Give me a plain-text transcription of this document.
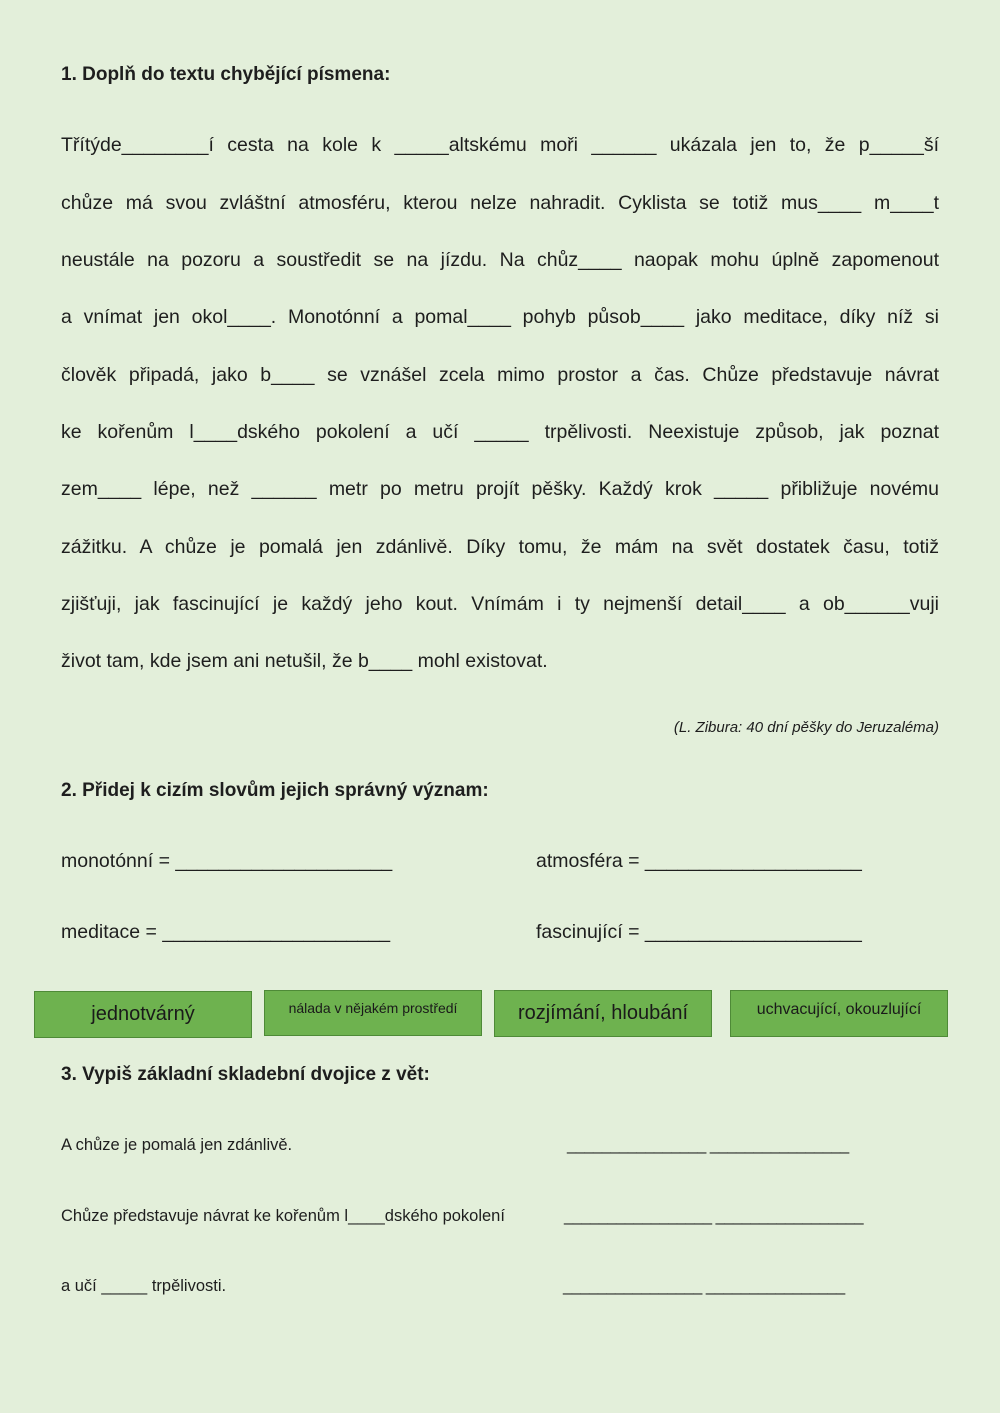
1. Doplň do textu chybějící písmena:
Třítýde________í cesta na kole k _____altskému moři ______ ukázala jen to, že p_____ší
chůze má svou zvláštní atmosféru, kterou nelze nahradit. Cyklista se totiž mus____ m____t
neustále na pozoru a soustředit se na jízdu. Na chůz____ naopak mohu úplně zapomenout
a vnímat jen okol____. Monotónní a pomal____ pohyb působ____ jako meditace, díky níž si
člověk připadá, jako b____ se vznášel zcela mimo prostor a čas. Chůze představuje návrat
ke kořenům l____dského pokolení a učí _____ trpělivosti. Neexistuje způsob, jak poznat
zem____ lépe, než ______ metr po metru projít pěšky. Každý krok _____ přibližuje novému
zážitku. A chůze je pomalá jen zdánlivě. Díky tomu, že mám na svět dostatek času, totiž
zjišťuji, jak fascinující je každý jeho kout. Vnímám i ty nejmenší detail____ a ob______vuji
život tam, kde jsem ani netušil, že b____ mohl existovat.
(L. Zibura: 40 dní pěšky do Jeruzaléma)
2. Přidej k cizím slovům jejich správný význam:
monotónní = ____________________	atmosféra = ____________________
meditace = _____________________	fascinující = ____________________
jednotvárný	nálada v nějakém prostředí	rozjímání, hloubání	uchvacující, okouzlující
3. Vypiš základní skladební dvojice z vět:
A chůze je pomalá jen zdánlivě.	________________ ________________
Chůze představuje návrat ke kořenům l____dského pokolení	_________________ _________________
a učí _____ trpělivosti.	________________ ________________
